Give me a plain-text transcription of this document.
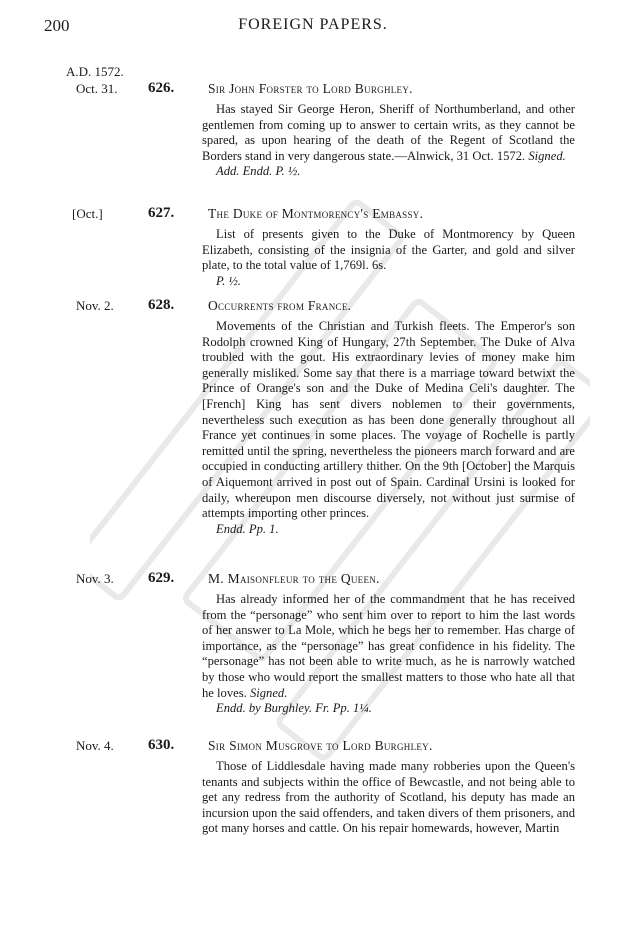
200	FOREIGN PAPERS.
A.D. 1572.
Oct. 31. 626.	Sir John Forster to Lord Burghley.

Has stayed Sir George Heron, Sheriff of Northumberland, and other gentlemen from coming up to answer to certain writs, as they cannot be spared, as upon hearing of the death of the Regent of Scotland the Borders stand in very dangerous state.—Alnwick, 31 Oct. 1572. Signed.

Add. Endd. P. ½.
[Oct.]	627.	The Duke of Montmorency's Embassy.

List of presents given to the Duke of Montmorency by Queen Elizabeth, consisting of the insignia of the Garter, and gold and silver plate, to the total value of 1,769l. 6s.

P. ½.
Nov. 2. 628.	Occurrents from France.

Movements of the Christian and Turkish fleets. The Emperor's son Rodolph crowned King of Hungary, 27th September. The Duke of Alva troubled with the gout. His extraordinary levies of money make him generally misliked. Some say that there is a marriage toward betwixt the Prince of Orange's son and the Duke of Medina Celi's daughter. The [French] King has sent divers noblemen to their governments, nevertheless such execution as has been done generally throughout all France yet continues in some places. The voyage of Rochelle is partly remitted until the spring, nevertheless the pioneers march forward and are occupied in conducting artillery thither. On the 9th [October] the Marquis of Aiquemont arrived in post out of Spain. Cardinal Ursini is looked for daily, whereupon men discourse diversely, not without just surmise of attempts importing other princes.

Endd. Pp. 1.
Nov. 3. 629.	M. Maisonfleur to the Queen.

Has already informed her of the commandment that he has received from the “personage” who sent him over to report to him the last words of her answer to La Mole, which he begs her to remember. Has charge of importance, as the “personage” has great confidence in his fidelity. The “personage” has not been able to write much, as he is narrowly watched by those who would report the smallest matters to those who hate all that he loves. Signed.

Endd. by Burghley. Fr. Pp. 1¼.
Nov. 4. 630.	Sir Simon Musgrove to Lord Burghley.

Those of Liddlesdale having made many robberies upon the Queen's tenants and subjects within the office of Bewcastle, and not being able to get any redress from the authority of Scotland, his deputy has made an incursion upon the said offenders, and taken divers of them prisoners, and got many horses and cattle. On his repair homewards, however, Martin
